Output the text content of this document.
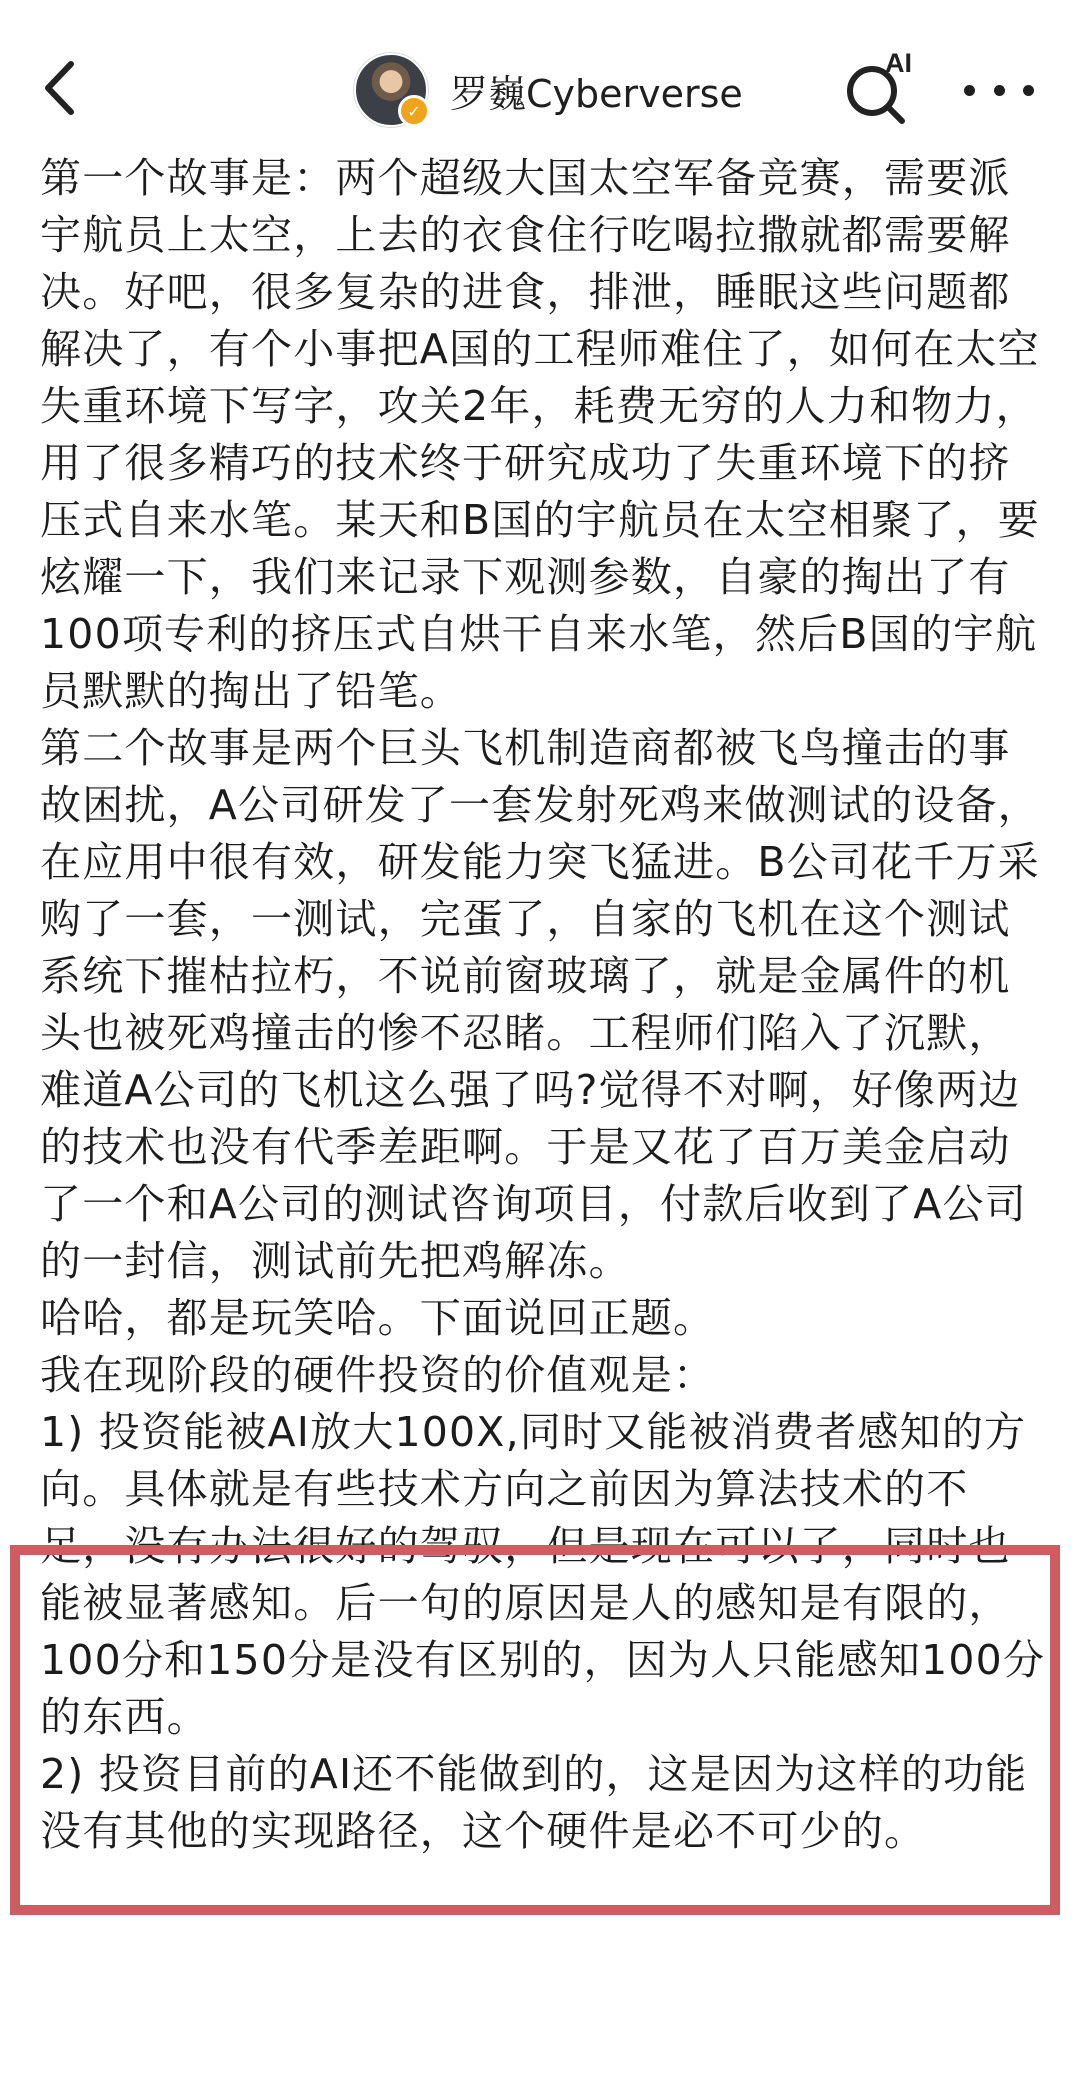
✓ 罗巍Cyberverse
AI

第一个故事是：两个超级大国太空军备竞赛，需要派宇航员上太空，上去的衣食住行吃喝拉撒就都需要解决。好吧，很多复杂的进食，排泄，睡眠这些问题都解决了，有个小事把A国的工程师难住了，如何在太空失重环境下写字，攻关2年，耗费无穷的人力和物力，用了很多精巧的技术终于研究成功了失重环境下的挤压式自来水笔。某天和B国的宇航员在太空相聚了，要炫耀一下，我们来记录下观测参数，自豪的掏出了有100项专利的挤压式自烘干自来水笔，然后B国的宇航员默默的掏出了铅笔。

第二个故事是两个巨头飞机制造商都被飞鸟撞击的事故困扰，A公司研发了一套发射死鸡来做测试的设备，在应用中很有效，研发能力突飞猛进。B公司花千万采购了一套，一测试，完蛋了，自家的飞机在这个测试系统下摧枯拉朽，不说前窗玻璃了，就是金属件的机头也被死鸡撞击的惨不忍睹。工程师们陷入了沉默，难道A公司的飞机这么强了吗?觉得不对啊，好像两边的技术也没有代季差距啊。于是又花了百万美金启动了一个和A公司的测试咨询项目，付款后收到了A公司的一封信，测试前先把鸡解冻。

哈哈，都是玩笑哈。下面说回正题。

我在现阶段的硬件投资的价值观是：

1) 投资能被AI放大100X,同时又能被消费者感知的方向。具体就是有些技术方向之前因为算法技术的不足，没有办法很好的驾驭，但是现在可以了，同时也能被显著感知。后一句的原因是人的感知是有限的，100分和150分是没有区别的，因为人只能感知100分的东西。

2) 投资目前的AI还不能做到的，这是因为这样的功能没有其他的实现路径，这个硬件是必不可少的。
